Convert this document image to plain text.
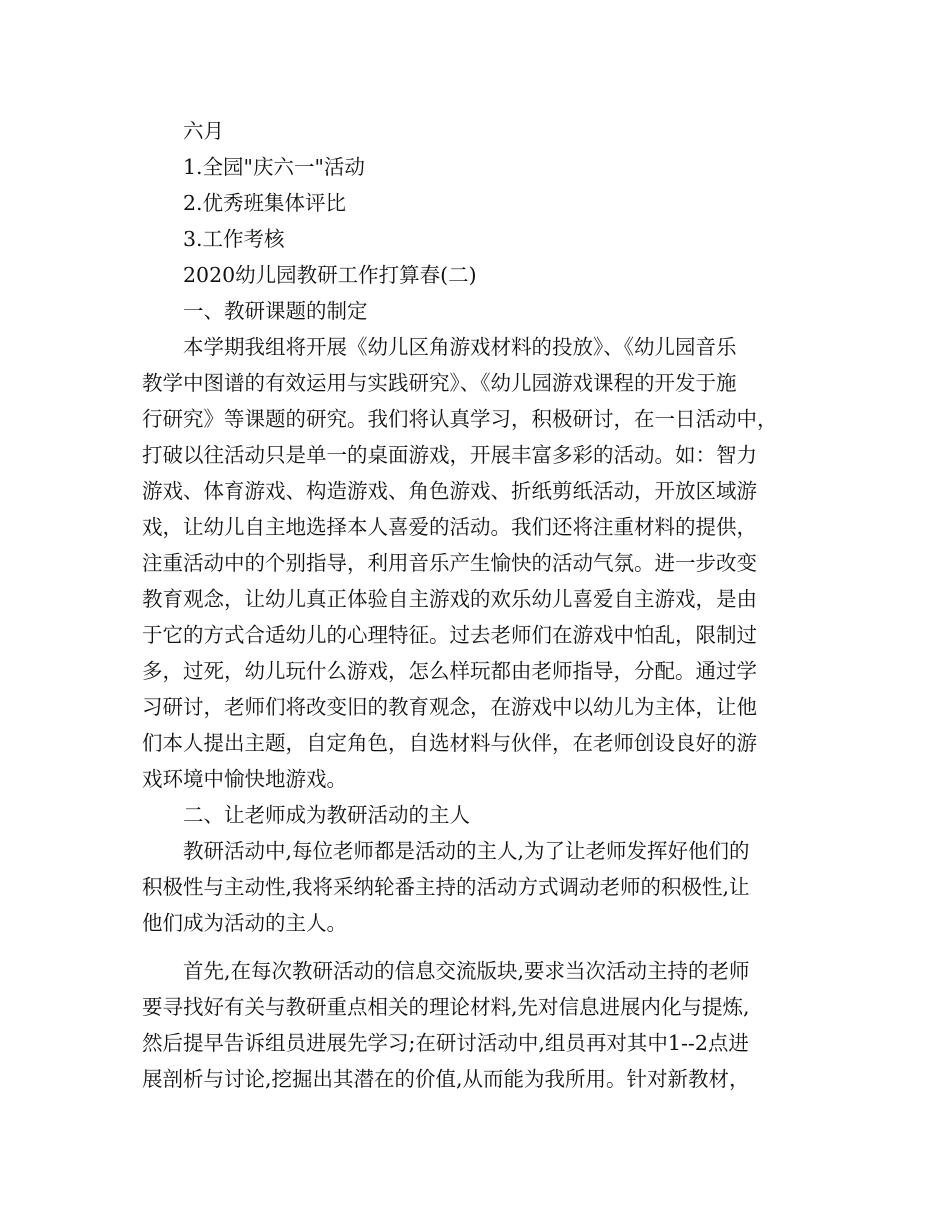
六月
1.全园"庆六一"活动
2.优秀班集体评比
3.工作考核
2020幼儿园教研工作打算春(二)
一、教研课题的制定
本学期我组将开展《幼儿区角游戏材料的投放》、《幼儿园音乐
教学中图谱的有效运用与实践研究》、《幼儿园游戏课程的开发于施
行研究》等课题的研究。我们将认真学习，积极研讨，在一日活动中，
打破以往活动只是单一的桌面游戏，开展丰富多彩的活动。如：智力
游戏、体育游戏、构造游戏、角色游戏、折纸剪纸活动，开放区域游
戏，让幼儿自主地选择本人喜爱的活动。我们还将注重材料的提供，
注重活动中的个别指导，利用音乐产生愉快的活动气氛。进一步改变
教育观念，让幼儿真正体验自主游戏的欢乐幼儿喜爱自主游戏，是由
于它的方式合适幼儿的心理特征。过去老师们在游戏中怕乱，限制过
多，过死，幼儿玩什么游戏，怎么样玩都由老师指导，分配。通过学
习研讨，老师们将改变旧的教育观念，在游戏中以幼儿为主体，让他
们本人提出主题，自定角色，自选材料与伙伴，在老师创设良好的游
戏环境中愉快地游戏。
二、让老师成为教研活动的主人
教研活动中,每位老师都是活动的主人,为了让老师发挥好他们的
积极性与主动性,我将采纳轮番主持的活动方式调动老师的积极性,让
他们成为活动的主人。
首先,在每次教研活动的信息交流版块,要求当次活动主持的老师
要寻找好有关与教研重点相关的理论材料,先对信息进展内化与提炼,
然后提早告诉组员进展先学习;在研讨活动中,组员再对其中1--2点进
展剖析与讨论,挖掘出其潜在的价值,从而能为我所用。针对新教材，
